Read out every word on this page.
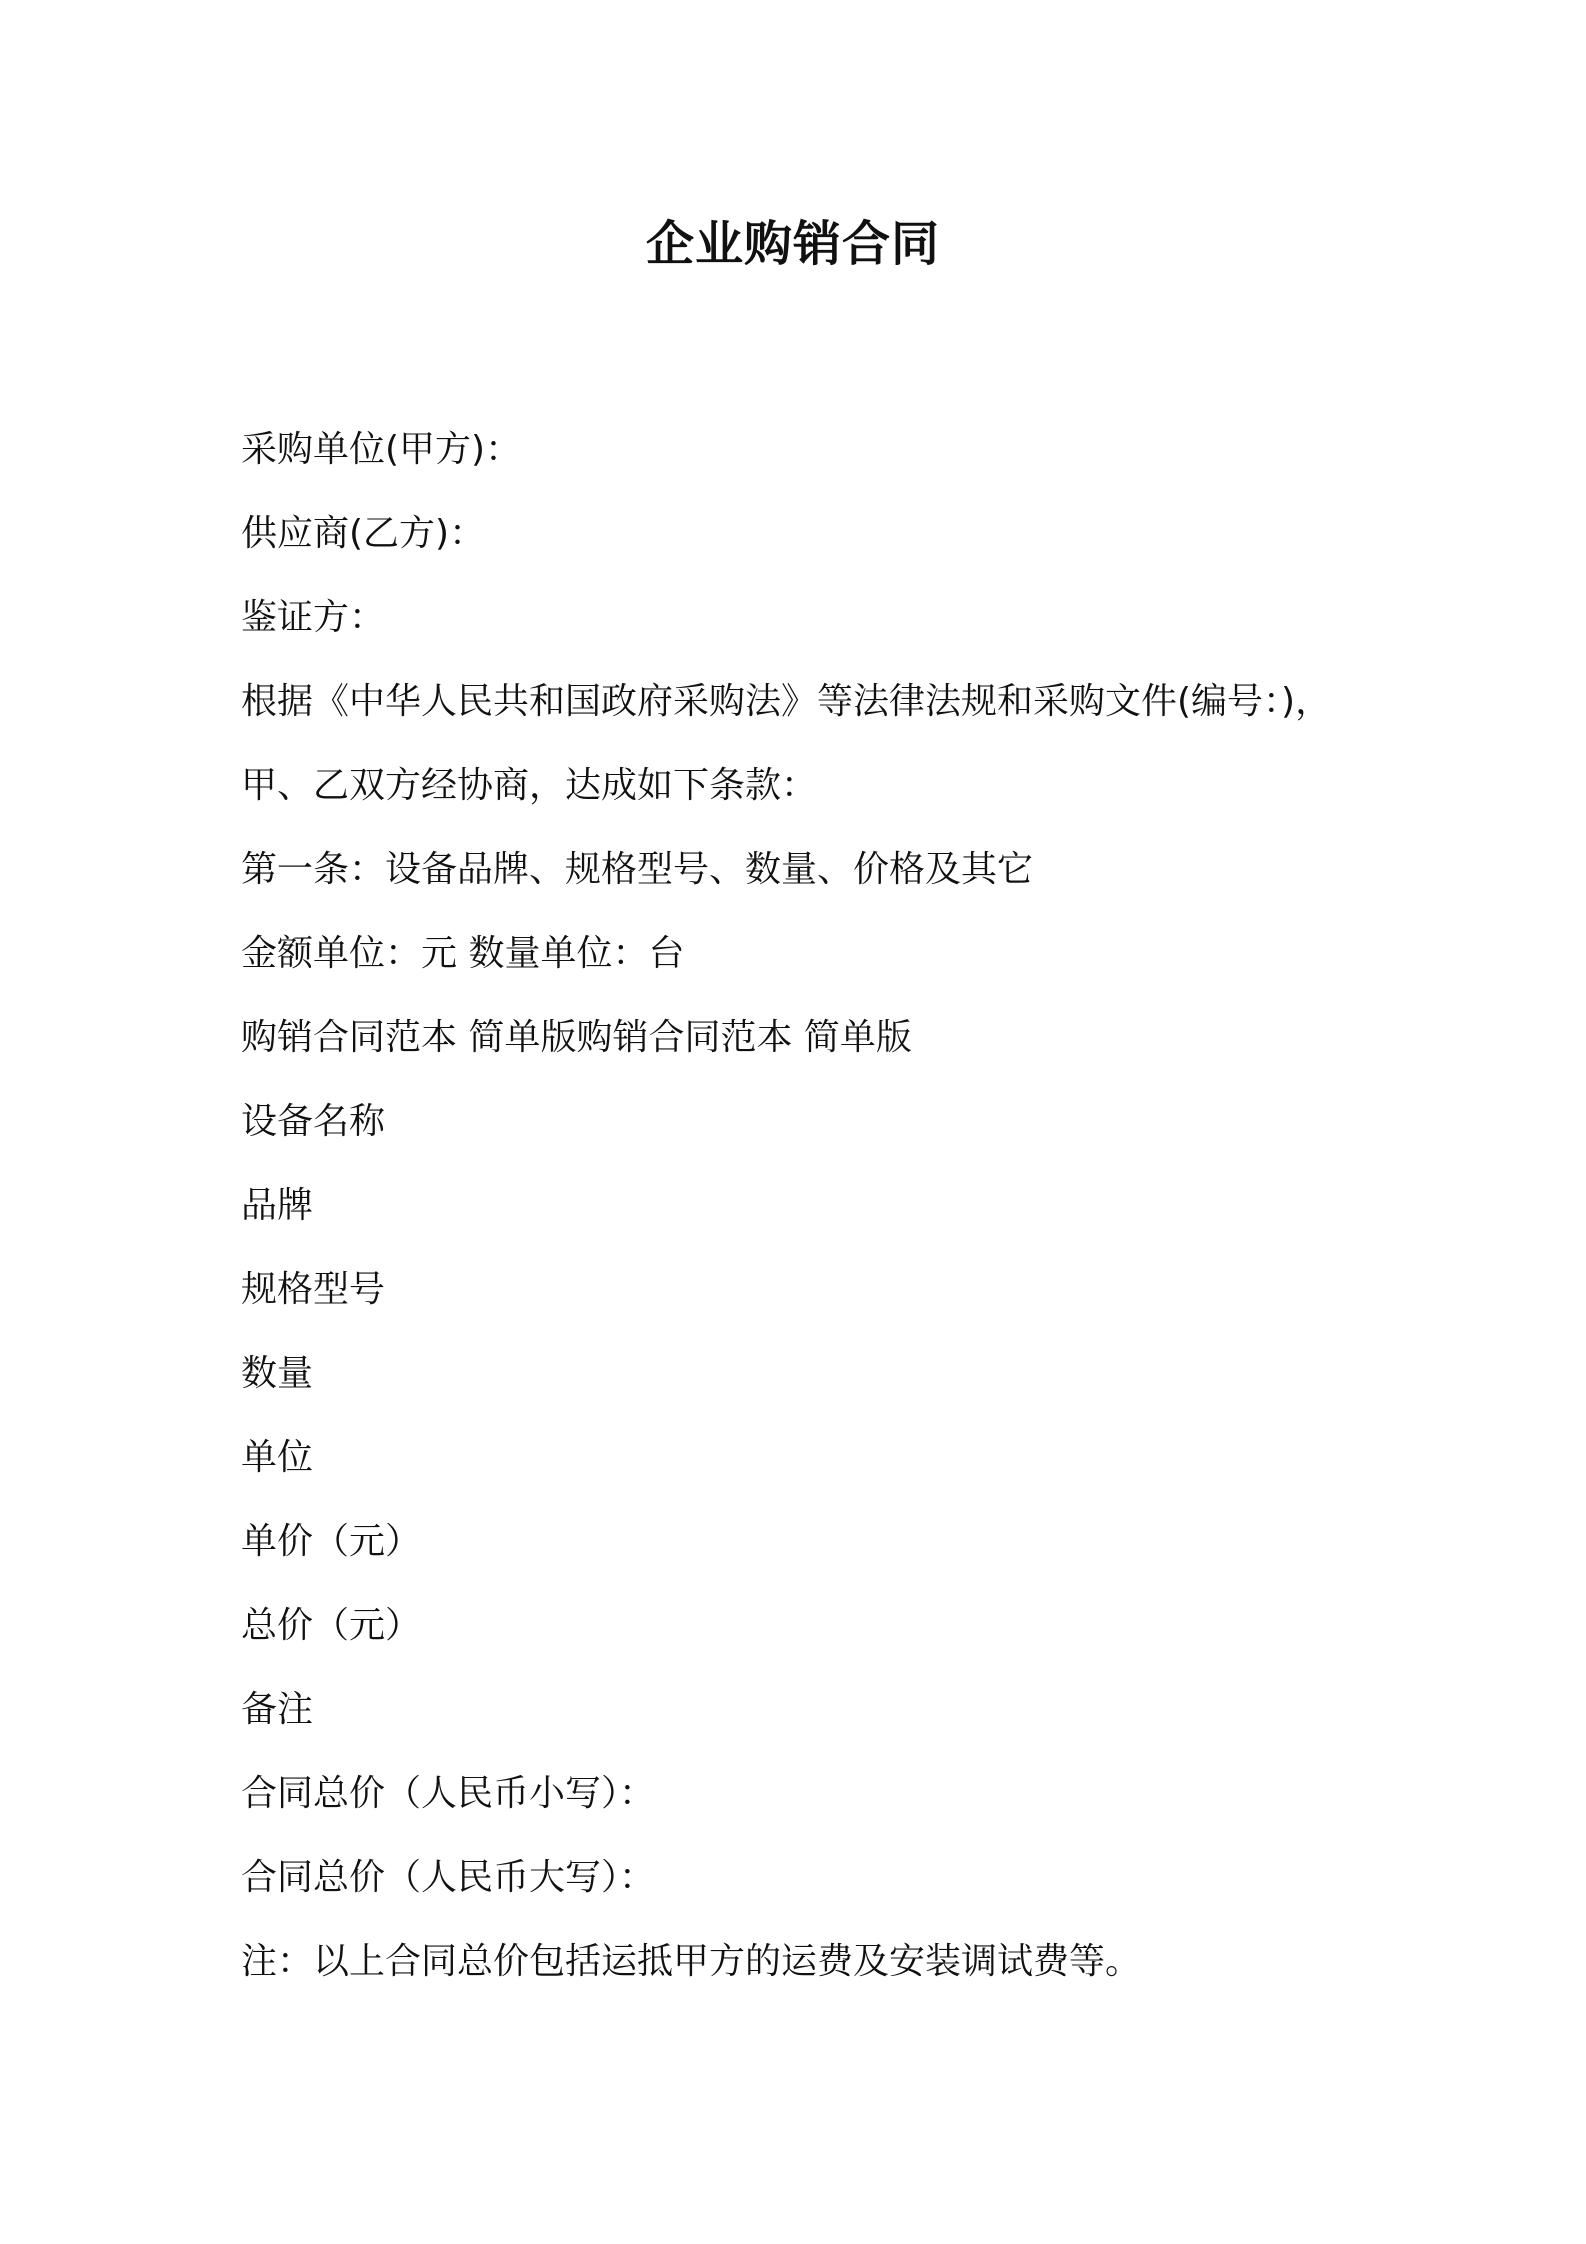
企业购销合同
采购单位(甲方)：
供应商(乙方)：
鉴证方：
根据《中华人民共和国政府采购法》等法律法规和采购文件(编号：)，
甲、乙双方经协商，达成如下条款：
第一条：设备品牌、规格型号、数量、价格及其它
金额单位：元 数量单位：台
购销合同范本 简单版购销合同范本 简单版
设备名称
品牌
规格型号
数量
单位
单价（元）
总价（元）
备注
合同总价（人民币小写）：
合同总价（人民币大写）：
注：以上合同总价包括运抵甲方的运费及安装调试费等。
